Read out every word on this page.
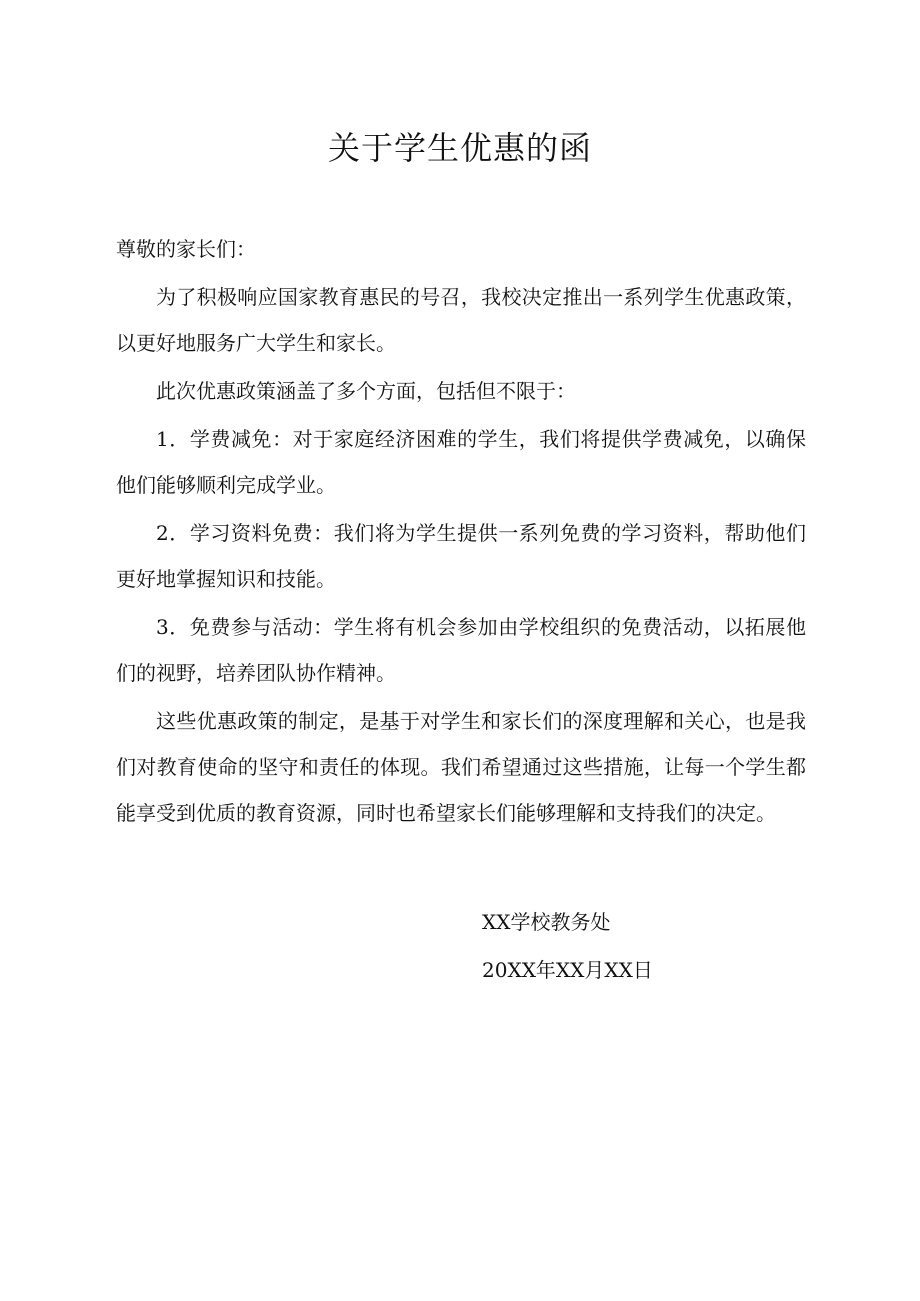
关于学生优惠的函

尊敬的家长们：

为了积极响应国家教育惠民的号召，我校决定推出一系列学生优惠政策，以更好地服务广大学生和家长。

此次优惠政策涵盖了多个方面，包括但不限于：

1．学费减免：对于家庭经济困难的学生，我们将提供学费减免，以确保他们能够顺利完成学业。

2．学习资料免费：我们将为学生提供一系列免费的学习资料，帮助他们更好地掌握知识和技能。

3．免费参与活动：学生将有机会参加由学校组织的免费活动，以拓展他们的视野，培养团队协作精神。

这些优惠政策的制定，是基于对学生和家长们的深度理解和关心，也是我们对教育使命的坚守和责任的体现。我们希望通过这些措施，让每一个学生都能享受到优质的教育资源，同时也希望家长们能够理解和支持我们的决定。

XX学校教务处
20XX年XX月XX日
